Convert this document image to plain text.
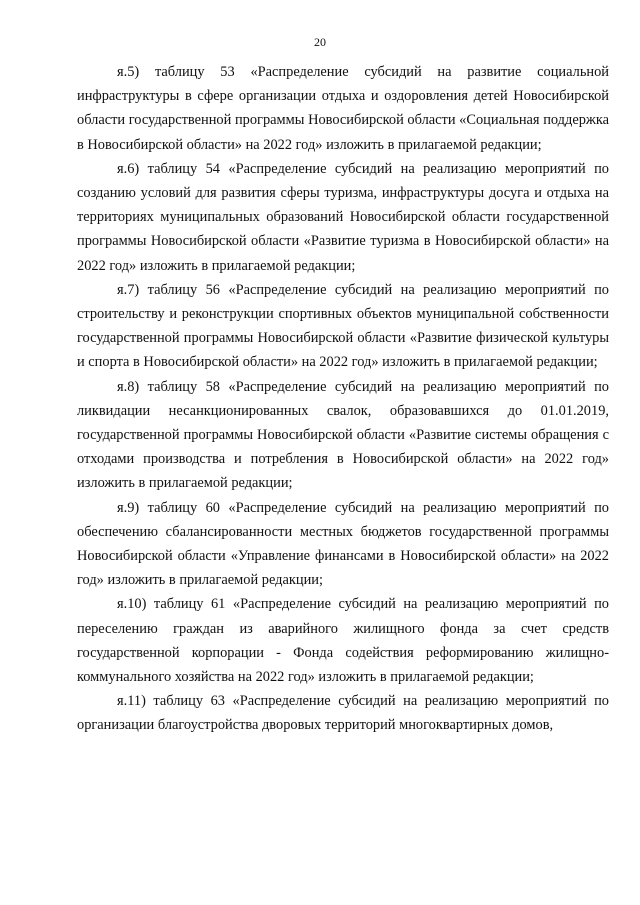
20

я.5) таблицу 53 «Распределение субсидий на развитие социальной инфраструктуры в сфере организации отдыха и оздоровления детей Новосибирской области государственной программы Новосибирской области «Социальная поддержка в Новосибирской области» на 2022 год» изложить в прилагаемой редакции;

я.6) таблицу 54 «Распределение субсидий на реализацию мероприятий по созданию условий для развития сферы туризма, инфраструктуры досуга и отдыха на территориях муниципальных образований Новосибирской области государственной программы Новосибирской области «Развитие туризма в Новосибирской области» на 2022 год» изложить в прилагаемой редакции;

я.7) таблицу 56 «Распределение субсидий на реализацию мероприятий по строительству и реконструкции спортивных объектов муниципальной собственности государственной программы Новосибирской области «Развитие физической культуры и спорта в Новосибирской области» на 2022 год» изложить в прилагаемой редакции;

я.8) таблицу 58 «Распределение субсидий на реализацию мероприятий по ликвидации несанкционированных свалок, образовавшихся до 01.01.2019, государственной программы Новосибирской области «Развитие системы обращения с отходами производства и потребления в Новосибирской области» на 2022 год» изложить в прилагаемой редакции;

я.9) таблицу 60 «Распределение субсидий на реализацию мероприятий по обеспечению сбалансированности местных бюджетов государственной программы Новосибирской области «Управление финансами в Новосибирской области» на 2022 год» изложить в прилагаемой редакции;

я.10) таблицу 61 «Распределение субсидий на реализацию мероприятий по переселению граждан из аварийного жилищного фонда за счет средств государственной корпорации - Фонда содействия реформированию жилищно-коммунального хозяйства на 2022 год» изложить в прилагаемой редакции;

я.11) таблицу 63 «Распределение субсидий на реализацию мероприятий по организации благоустройства дворовых территорий многоквартирных домов,
